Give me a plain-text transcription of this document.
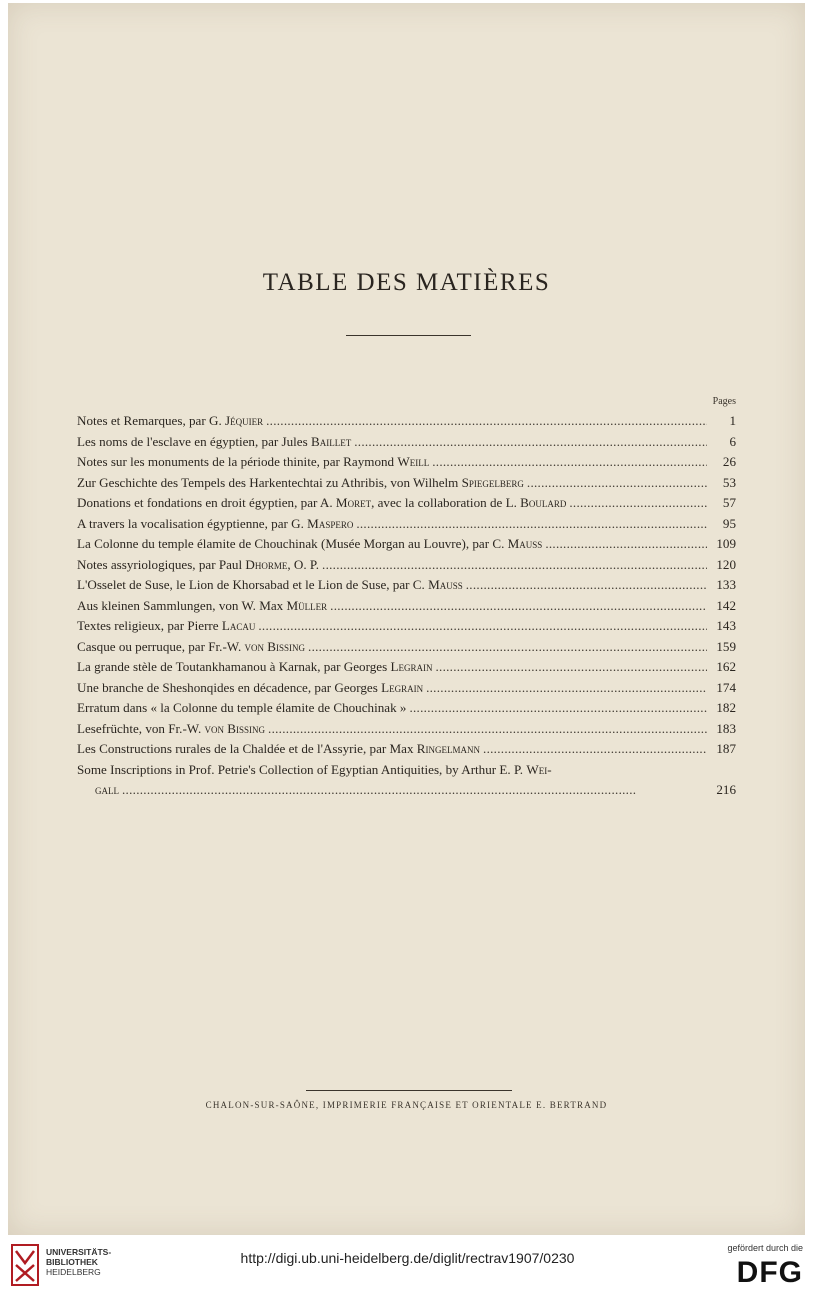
TABLE DES MATIÈRES
Pages
Notes et Remarques, par G. Jéquier . . .	1
Les noms de l'esclave en égyptien, par Jules Baillet . . .	6
Notes sur les monuments de la période thinite, par Raymond Weill . . .	26
Zur Geschichte des Tempels des Harkentechtai zu Athribis, von Wilhelm Spiegelberg . . .	53
Donations et fondations en droit égyptien, par A. Moret, avec la collaboration de L. Boulard . . .	57
A travers la vocalisation égyptienne, par G. Maspero . . .	95
La Colonne du temple élamite de Chouchinak (Musée Morgan au Louvre), par C. Mauss . . .	109
Notes assyriologiques, par Paul Dhorme, O. P. . . .	120
L'Osselet de Suse, le Lion de Khorsabad et le Lion de Suse, par C. Mauss . . .	133
Aus kleinen Sammlungen, von W. Max Müller . . .	142
Textes religieux, par Pierre Lacau . . .	143
Casque ou perruque, par Fr.-W. von Bissing . . .	159
La grande stèle de Toutankhamanou à Karnak, par Georges Legrain . . .	162
Une branche de Sheshonqides en décadence, par Georges Legrain . . .	174
Erratum dans « la Colonne du temple élamite de Chouchinak » . . .	182
Lesefrüchte, von Fr.-W. von Bissing . . .	183
Les Constructions rurales de la Chaldée et de l'Assyrie, par Max Ringelmann . . .	187
Some Inscriptions in Prof. Petrie's Collection of Egyptian Antiquities, by Arthur E. P. Wei-
gall . . .	216
CHALON-SUR-SAÔNE, IMPRIMERIE FRANÇAISE ET ORIENTALE E. BERTRAND
UNIVERSITÄTS-
BIBLIOTHEK
HEIDELBERG
http://digi.ub.uni-heidelberg.de/diglit/rectrav1907/0230
gefördert durch die
DFG
